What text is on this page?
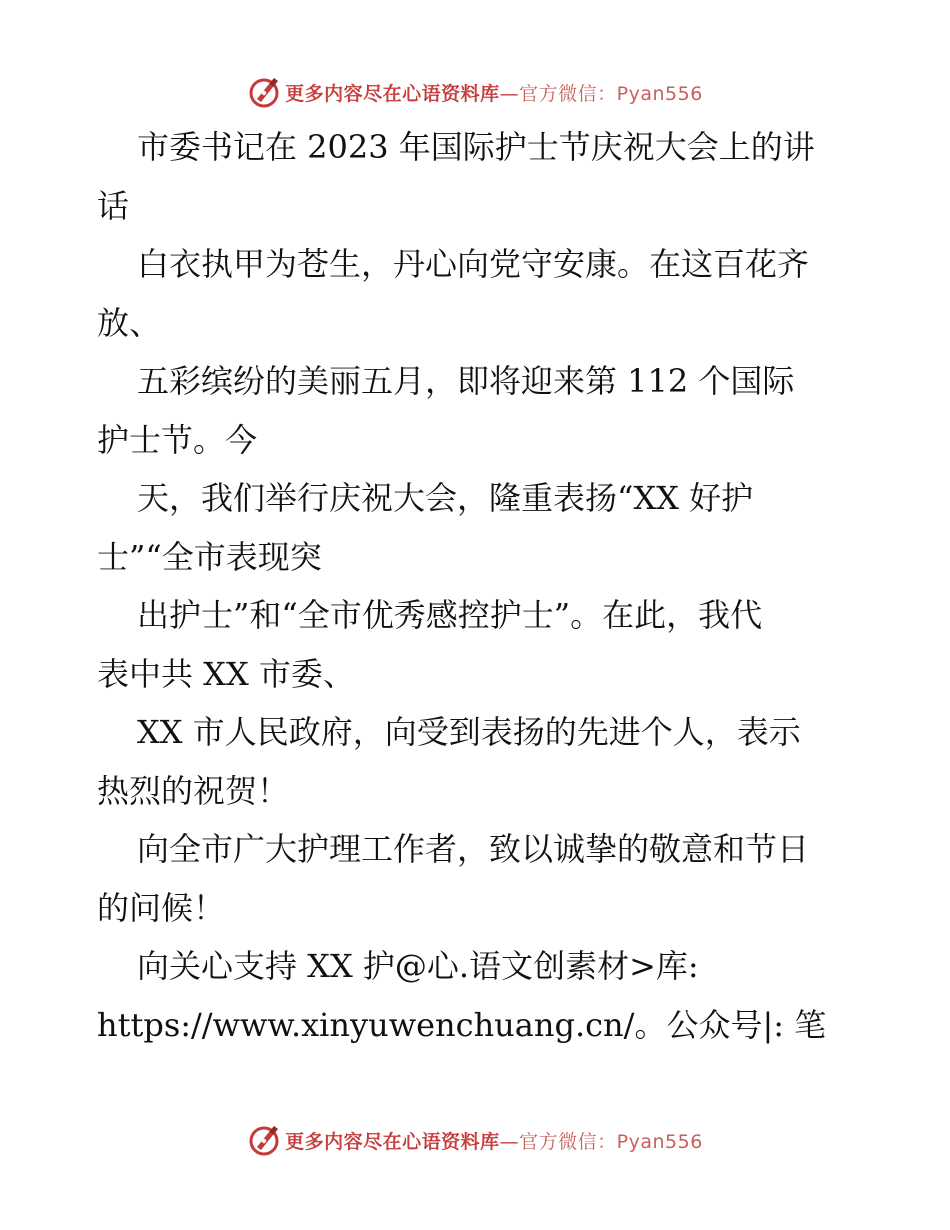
更多内容尽在心语资料库—官方微信：Pyan556
市委书记在 2023 年国际护士节庆祝大会上的讲
话
白衣执甲为苍生，丹心向党守安康。在这百花齐
放、
五彩缤纷的美丽五月，即将迎来第 112 个国际
护士节。今
天，我们举行庆祝大会，隆重表扬“XX 好护
士”“全市表现突
出护士”和“全市优秀感控护士”。在此，我代
表中共 XX 市委、
XX 市人民政府，向受到表扬的先进个人，表示
热烈的祝贺！
向全市广大护理工作者，致以诚挚的敬意和节日
的问候！
向关心支持 XX 护@心.语文创素材>库:
https://www.xinyuwenchuang.cn/。公众号|: 笔
更多内容尽在心语资料库—官方微信：Pyan556
